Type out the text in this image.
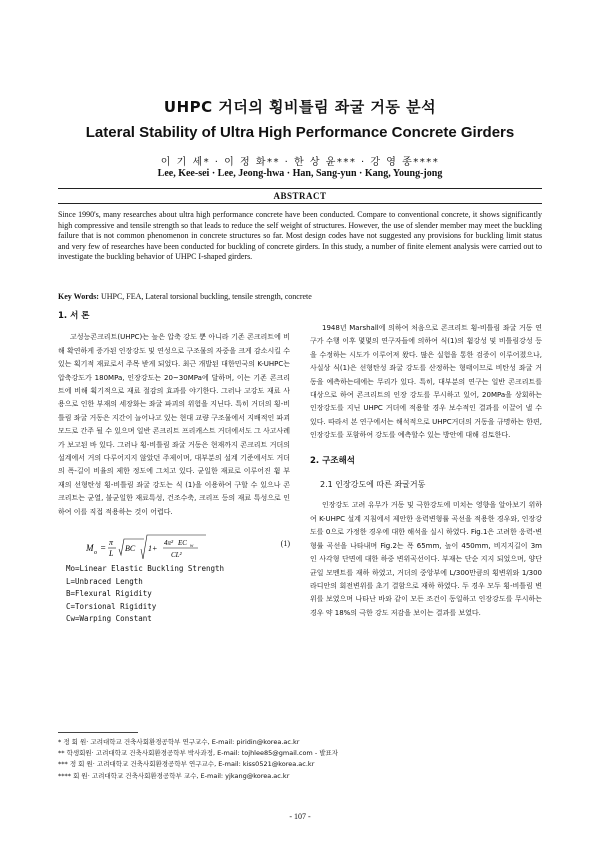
UHPC 거더의 횡비틀림 좌굴 거동 분석
Lateral Stability of Ultra High Performance Concrete Girders
이 기 세* · 이 정 화** · 한 상 윤*** · 강 영 종****
Lee, Kee-sei · Lee, Jeong-hwa · Han, Sang-yun · Kang, Young-jong
ABSTRACT
Since 1990's, many researches about ultra high performance concrete have been conducted. Compare to conventional concrete, it shows significantly high compressive and tensile strength so that leads to reduce the self weight of structures. However, the use of slender member may meet the buckling failure that is not common phenomenon in concrete structures so far. Most design codes have not suggested any provisions for buckling limit status and very few of researches have been conducted for buckling of concrete girders. In this study, a number of finite element analysis were carried out to investigate the buckling behavior of UHPC I-shaped girders.
Key Words: UHPC, FEA, Lateral torsional buckling, tensile strength, concrete
1. 서 론

고성능콘크리트(UHPC)는 높은 압축 강도 뿐 아니라 기존 콘크리트에 비해 확연하게 증가된 인장강도 및 연성으로 구조물의 자중을 크게 감소시킬 수 있는 획기적 재료로서 주목 받게 되었다. 최근 개발된 대한민국의 K-UHPC는 압축강도가 180MPa, 인장강도는 20~30MPa에 달하며, 이는 기존 콘크리트에 비해 획기적으로 재료 절감의 효과를 야기한다. 그러나 고강도 재료 사용으로 인한 부재의 세장화는 좌굴 파괴의 위험을 지닌다. 특히 거더의 횡-비틀림 좌굴 거동은 지간이 늘어나고 있는 현대 교량 구조물에서 지배적인 파괴 모드로 간주 될 수 있으며 일반 콘크리트 프리캐스트 거더에서도 그 사고사례가 보고된 바 있다. 그러나 횡-비틀림 좌굴 거동은 현재까지 콘크리트 거더의 설계에서 거의 다루어지지 않았던 주제이며, 대부분의 설계 기준에서도 거더의 폭-길이 비율의 제한 정도에 그치고 있다. 균일한 재료로 이루어진 휨 부재의 선형탄성 횡-비틀림 좌굴 강도는 식 (1)을 이용하여 구할 수 있으나 콘크리트는 균열, 불균일한 재료특성, 건조수축, 크리프 등의 재료 특성으로 인하여 이를 직접 적용하는 것이 어렵다.

M o =
π
L
BC 1+
4π² EC w
CL²
(1)
Mo=Linear Elastic Buckling Strength
L=Unbraced Length
B=Flexural Rigidity
C=Torsional Rigidity
Cw=Warping Constant

1948년 Marshall에 의하여 처음으로 콘크리트 횡-비틀림 좌굴 거동 연구가 수행 이후 몇몇의 연구자들에 의하여 식(1)의 휨강성 및 비틀림강성 등을 수정하는 시도가 이루어져 왔다. 많은 실험을 통한 검증이 이루어졌으나, 사실상 식(1)은 선형탄성 좌굴 강도를 산정하는 형태이므로 비탄성 좌굴 거동을 예측하는데에는 무리가 있다. 특히, 대부분의 연구는 일반 콘크리트를 대상으로 하여 콘크리트의 인장 강도를 무시하고 있어, 20MPa을 상회하는 인장강도를 지닌 UHPC 거더에 적용할 경우 보수적인 결과를 이끌어 낼 수 있다. 따라서 본 연구에서는 해석적으로 UHPC거더의 거동을 규명하는 한편, 인장강도를 포함하여 강도를 예측할수 있는 방안에 대해 검토한다.

2. 구조해석
2.1 인장강도에 따른 좌굴거동

인장강도 고려 유무가 거동 및 극한강도에 미치는 영향을 알아보기 위하여 K-UHPC 설계 지침에서 제안한 응력변형률 곡선을 적용한 경우와, 인장강도를 0으로 가정한 경우에 대한 해석을 실시 하였다. Fig.1은 고려한 응력-변형률 곡선을 나타내며 Fig.2는 폭 65mm, 높이 450mm, 비지지길이 3m 인 사각형 단면에 대한 하중 변위곡선이다. 부재는 단순 지지 되었으며, 양단 균일 모멘트를 재하 하였고, 거더의 중앙부에 L/300만큼의 횡변위와 1/300라디안의 회전변위를 초기 결함으로 재하 하였다. 두 경우 모두 횡-비틀림 변위를 보였으며 나타난 바와 같이 모든 조건이 동일하고 인장강도를 무시하는 경우 약 18%의 극한 강도 저감을 보이는 결과를 보였다.

* 정 회 원· 고려대학교 건축사회환경공학부 연구교수, E-mail: piridin@korea.ac.kr
** 학생회원· 고려대학교 건축사회환경공학부 박사과정, E-mail: tojhlee85@gmail.com - 발표자
*** 정 회 원· 고려대학교 건축사회환경공학부 연구교수, E-mail: kiss0521@korea.ac.kr
**** 회 원· 고려대학교 건축사회환경공학부 교수, E-mail: yjkang@korea.ac.kr
- 107 -
